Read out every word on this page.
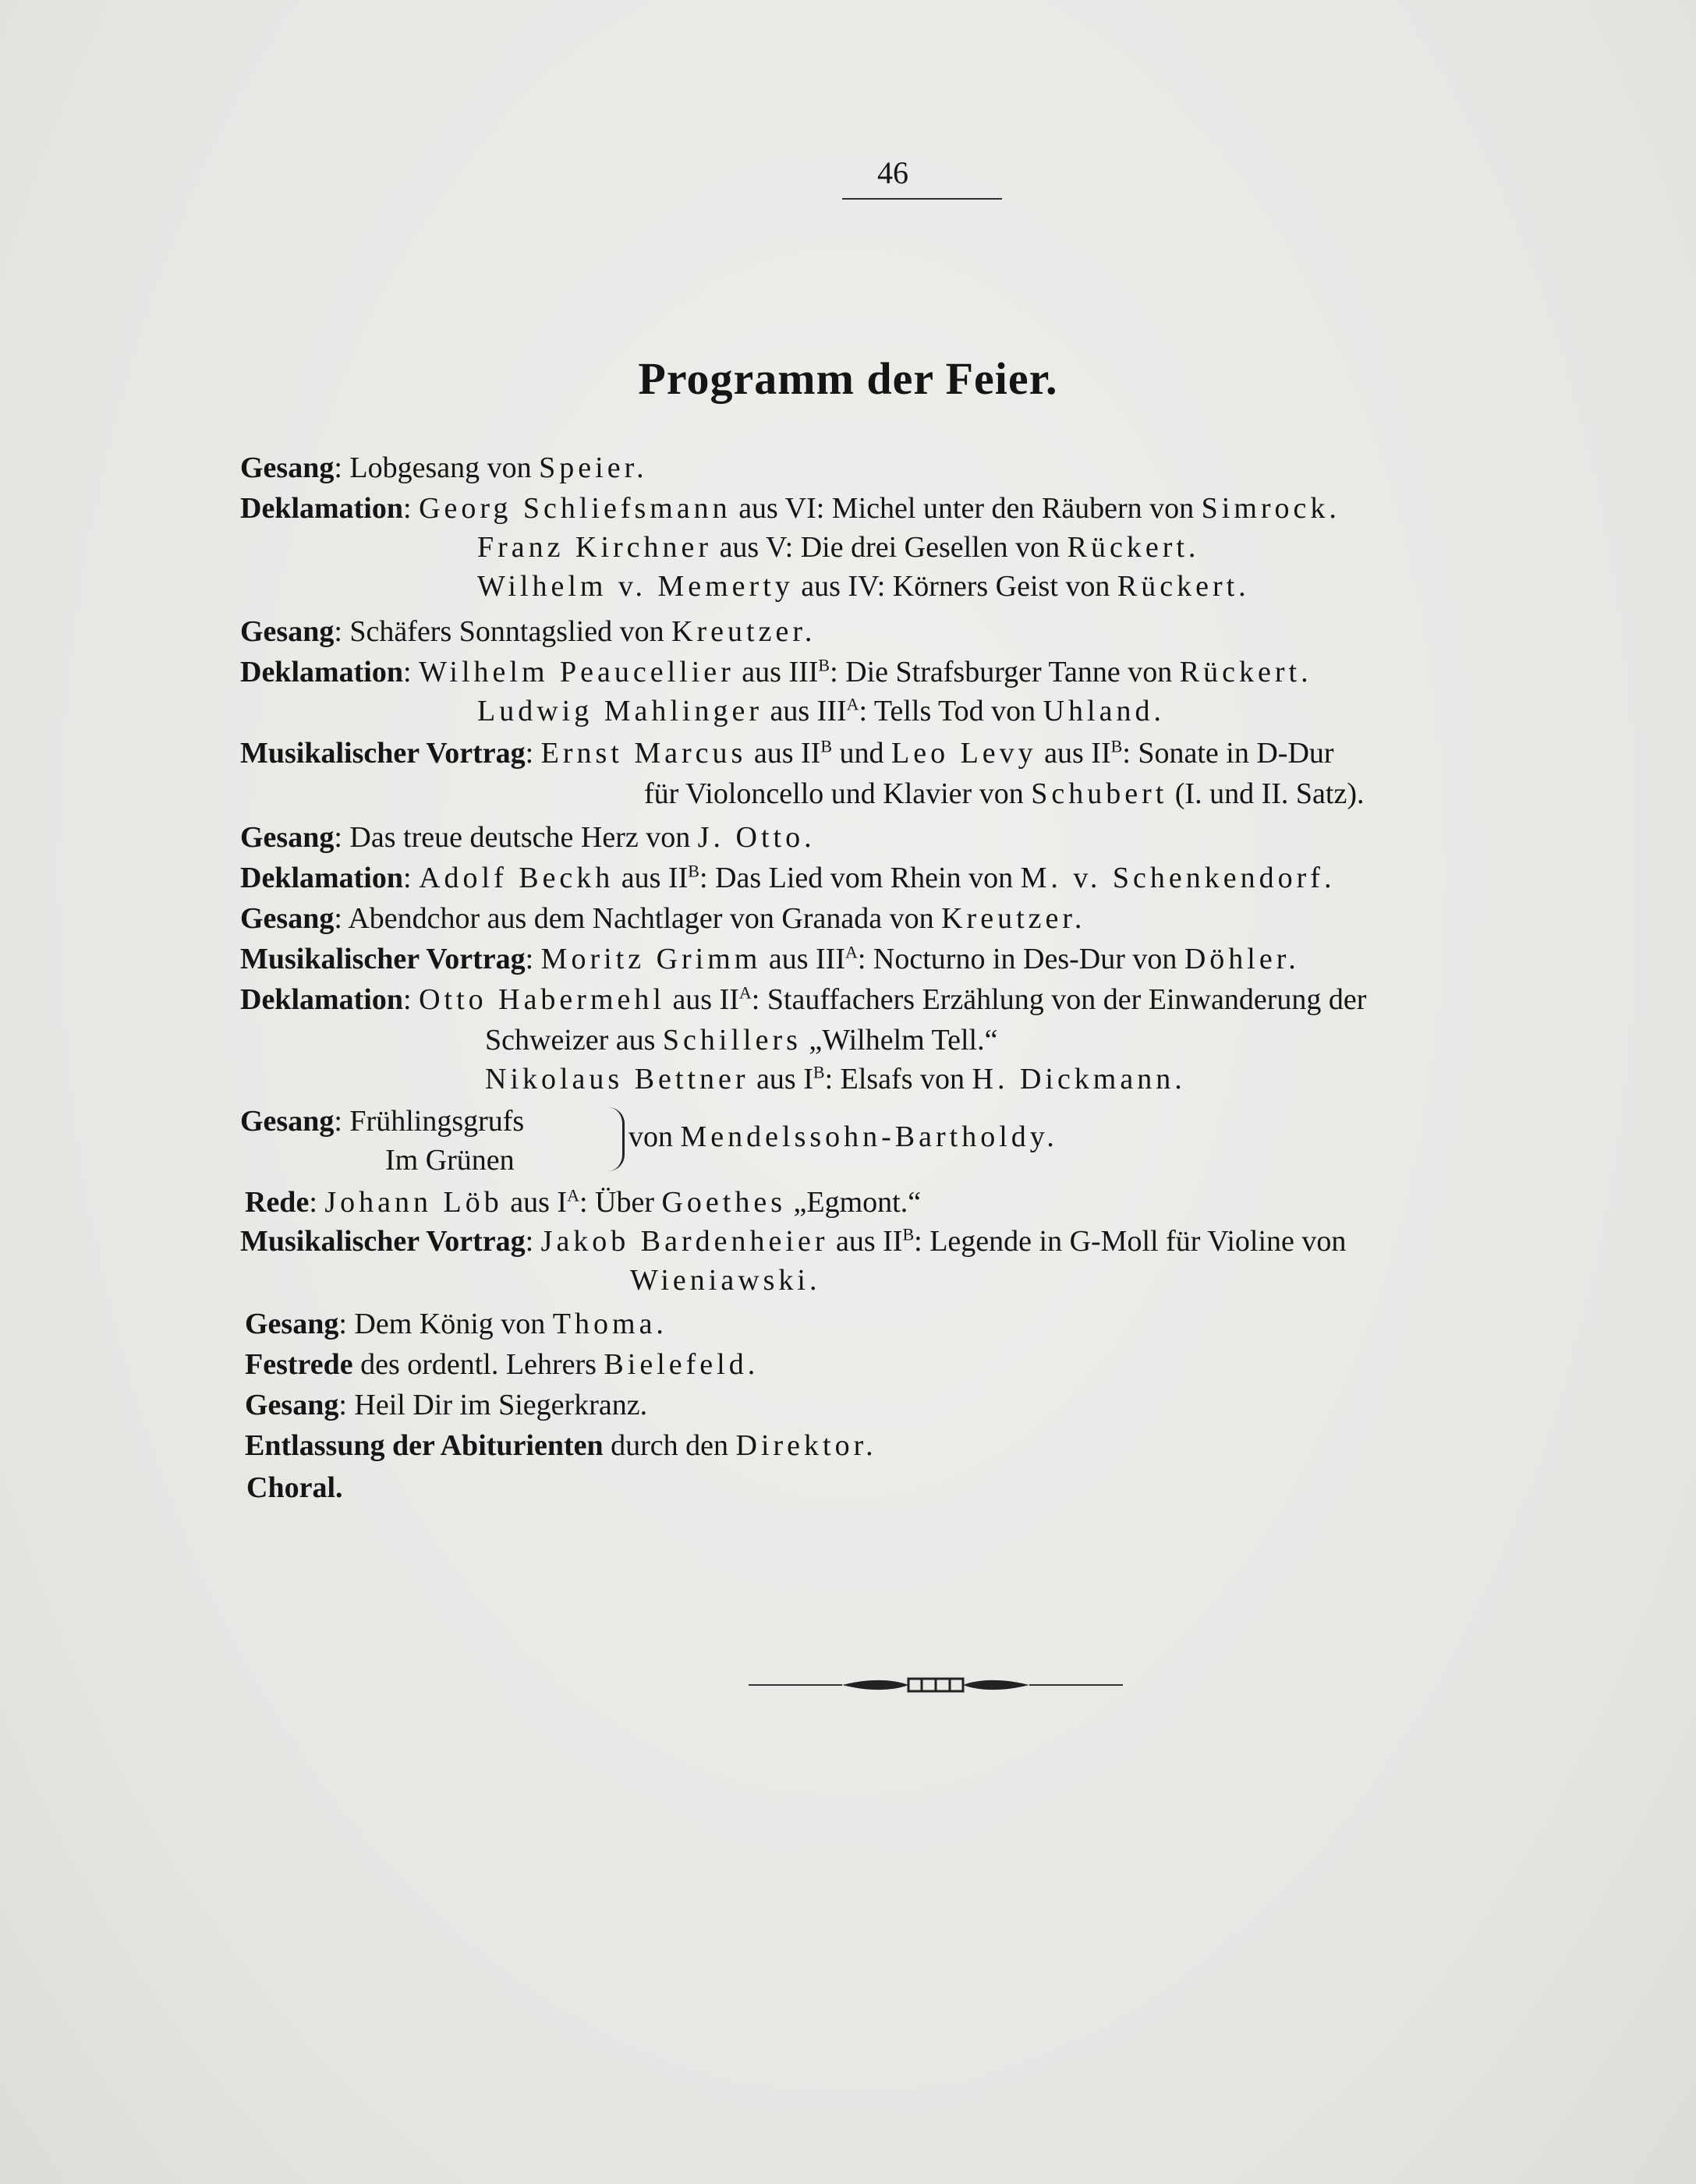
46
Programm der Feier.
Gesang: Lobgesang von Speier.
Deklamation: Georg Schliefsmann aus VI: Michel unter den Räubern von Simrock.
Franz Kirchner aus V: Die drei Gesellen von Rückert.
Wilhelm v. Memerty aus IV: Körners Geist von Rückert.
Gesang: Schäfers Sonntagslied von Kreutzer.
Deklamation: Wilhelm Peaucellier aus $III^B$: Die Strafsburger Tanne von Rückert.
Ludwig Mahlinger aus $III^A$: Tells Tod von Uhland.
Musikalischer Vortrag: Ernst Marcus aus $II^B$ und Leo Levy aus $II^B$: Sonate in D-Dur
für Violoncello und Klavier von Schubert (I. und II. Satz).
Gesang: Das treue deutsche Herz von J. Otto.
Deklamation: Adolf Beckh aus $II^B$: Das Lied vom Rhein von M. v. Schenkendorf.
Gesang: Abendchor aus dem Nachtlager von Granada von Kreutzer.
Musikalischer Vortrag: Moritz Grimm aus $III^A$: Nocturno in Des-Dur von Döhler.
Deklamation: Otto Habermehl aus $II^A$: Stauffachers Erzählung von der Einwanderung der
Schweizer aus Schillers „Wilhelm Tell.“
Nikolaus Bettner aus $I^B$: Elsafs von H. Dickmann.
Gesang: Frühlingsgrufs
Im Grünen
von Mendelssohn-Bartholdy.
Rede: Johann Löb aus $I^A$: Über Goethes „Egmont.“
Musikalischer Vortrag: Jakob Bardenheier aus $II^B$: Legende in G-Moll für Violine von
Wieniawski.
Gesang: Dem König von Thoma.
Festrede des ordentl. Lehrers Bielefeld.
Gesang: Heil Dir im Siegerkranz.
Entlassung der Abiturienten durch den Direktor.
Choral.
